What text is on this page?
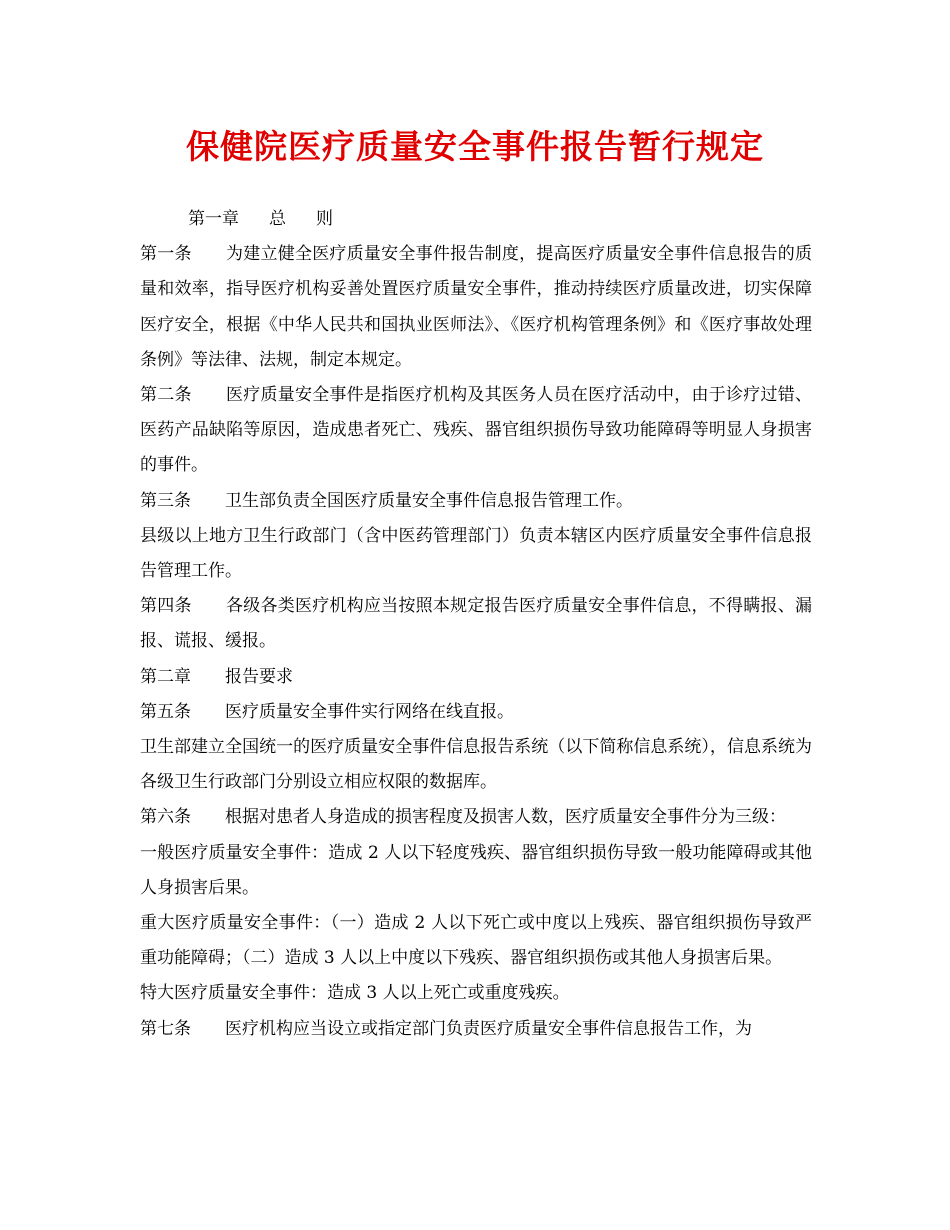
保健院医疗质量安全事件报告暂行规定

第一章 总 则

第一条 为建立健全医疗质量安全事件报告制度，提高医疗质量安全事件信息报告的质量和效率，指导医疗机构妥善处置医疗质量安全事件，推动持续医疗质量改进，切实保障医疗安全，根据《中华人民共和国执业医师法》、《医疗机构管理条例》和《医疗事故处理条例》等法律、法规，制定本规定。

第二条 医疗质量安全事件是指医疗机构及其医务人员在医疗活动中，由于诊疗过错、医药产品缺陷等原因，造成患者死亡、残疾、器官组织损伤导致功能障碍等明显人身损害的事件。

第三条 卫生部负责全国医疗质量安全事件信息报告管理工作。

县级以上地方卫生行政部门（含中医药管理部门）负责本辖区内医疗质量安全事件信息报告管理工作。

第四条 各级各类医疗机构应当按照本规定报告医疗质量安全事件信息，不得瞒报、漏报、谎报、缓报。

第二章 报告要求

第五条 医疗质量安全事件实行网络在线直报。

卫生部建立全国统一的医疗质量安全事件信息报告系统（以下简称信息系统），信息系统为各级卫生行政部门分别设立相应权限的数据库。

第六条 根据对患者人身造成的损害程度及损害人数，医疗质量安全事件分为三级：

一般医疗质量安全事件：造成 2 人以下轻度残疾、器官组织损伤导致一般功能障碍或其他人身损害后果。

重大医疗质量安全事件：（一）造成 2 人以下死亡或中度以上残疾、器官组织损伤导致严重功能障碍；（二）造成 3 人以上中度以下残疾、器官组织损伤或其他人身损害后果。

特大医疗质量安全事件：造成 3 人以上死亡或重度残疾。

第七条 医疗机构应当设立或指定部门负责医疗质量安全事件信息报告工作，为
